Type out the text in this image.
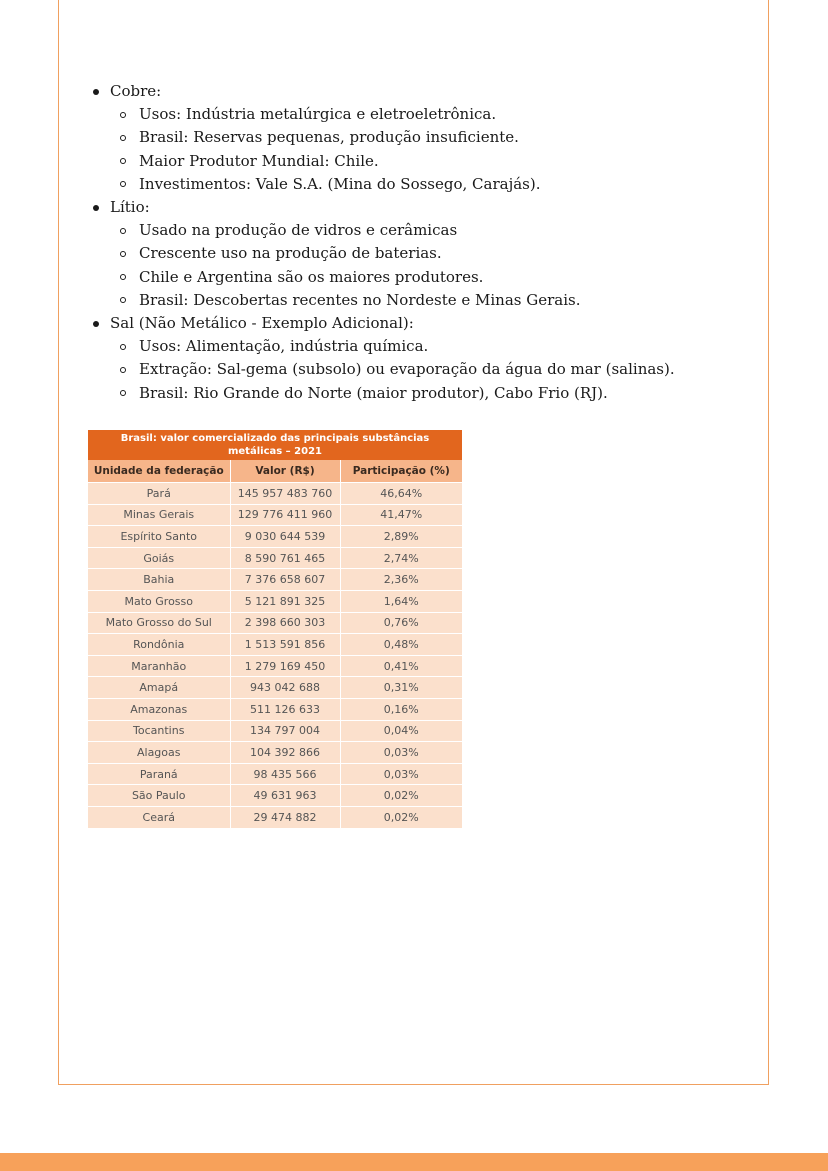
Cobre:
Usos: Indústria metalúrgica e eletroeletrônica.
Brasil: Reservas pequenas, produção insuficiente.
Maior Produtor Mundial: Chile.
Investimentos: Vale S.A. (Mina do Sossego, Carajás).
Lítio:
Usado na produção de vidros e cerâmicas
Crescente uso na produção de baterias.
Chile e Argentina são os maiores produtores.
Brasil: Descobertas recentes no Nordeste e Minas Gerais.
Sal (Não Metálico - Exemplo Adicional):
Usos: Alimentação, indústria química.
Extração: Sal-gema (subsolo) ou evaporação da água do mar (salinas).
Brasil: Rio Grande do Norte (maior produtor), Cabo Frio (RJ).
Brasil: valor comercializado das principais substâncias metálicas – 2021
Unidade da federação	Valor (R$)	Participação (%)
Pará	145 957 483 760	46,64%
Minas Gerais	129 776 411 960	41,47%
Espírito Santo	9 030 644 539	2,89%
Goiás	8 590 761 465	2,74%
Bahia	7 376 658 607	2,36%
Mato Grosso	5 121 891 325	1,64%
Mato Grosso do Sul	2 398 660 303	0,76%
Rondônia	1 513 591 856	0,48%
Maranhão	1 279 169 450	0,41%
Amapá	943 042 688	0,31%
Amazonas	511 126 633	0,16%
Tocantins	134 797 004	0,04%
Alagoas	104 392 866	0,03%
Paraná	98 435 566	0,03%
São Paulo	49 631 963	0,02%
Ceará	29 474 882	0,02%
